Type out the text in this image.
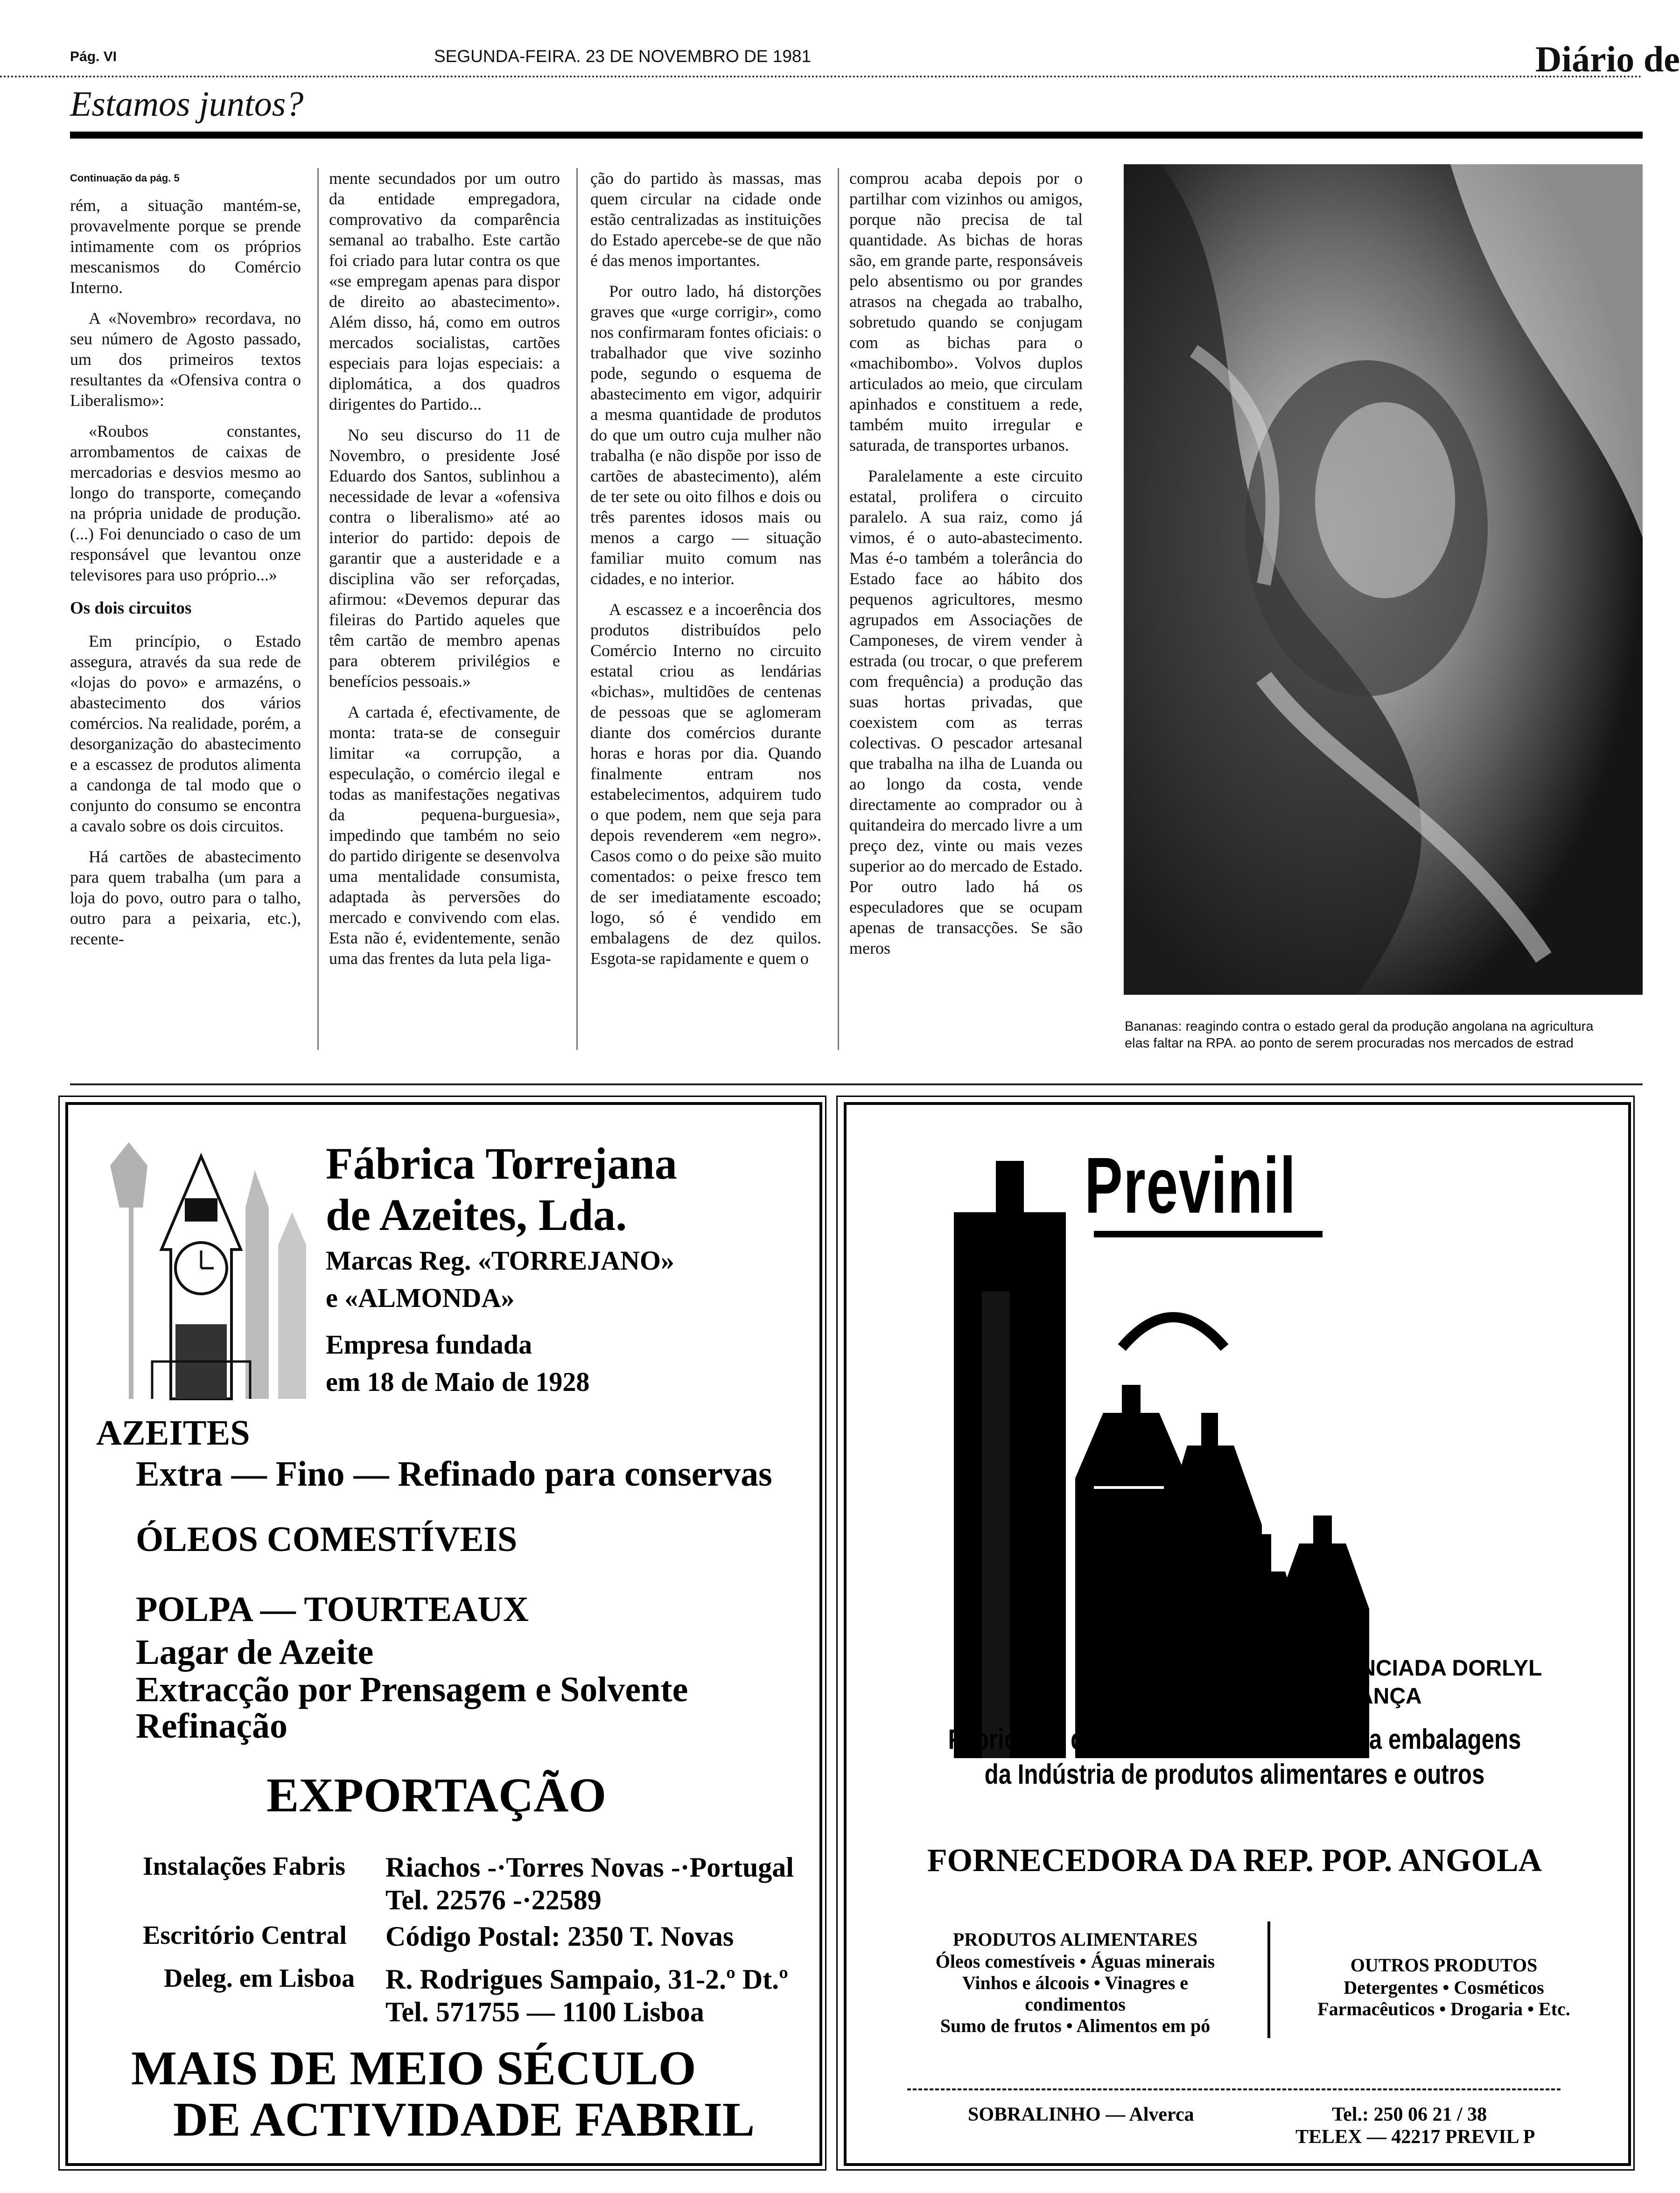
Pág. VI	SEGUNDA-FEIRA. 23 DE NOVEMBRO DE 1981	Diário de
Estamos juntos?
Continuação da pág. 5

rém, a situação mantém-se, provavelmente porque se prende intimamente com os próprios mescanismos do Comércio Interno.

A «Novembro» recordava, no seu número de Agosto passado, um dos primeiros textos resultantes da «Ofensiva contra o Liberalismo»:

«Roubos constantes, arrombamentos de caixas de mercadorias e desvios mesmo ao longo do transporte, começando na própria unidade de produção. (...) Foi denunciado o caso de um responsável que levantou onze televisores para uso próprio...»

Os dois circuitos

Em princípio, o Estado assegura, através da sua rede de «lojas do povo» e armazéns, o abastecimento dos vários comércios. Na realidade, porém, a desorganização do abastecimento e a escassez de produtos alimenta a candonga de tal modo que o conjunto do consumo se encontra a cavalo sobre os dois circuitos.

Há cartões de abastecimento para quem trabalha (um para a loja do povo, outro para o talho, outro para a peixaria, etc.), recente-

mente secundados por um outro da entidade empregadora, comprovativo da comparência semanal ao trabalho. Este cartão foi criado para lutar contra os que «se empregam apenas para dispor de direito ao abastecimento». Além disso, há, como em outros mercados socialistas, cartões especiais para lojas especiais: a diplomática, a dos quadros dirigentes do Partido...

No seu discurso do 11 de Novembro, o presidente José Eduardo dos Santos, sublinhou a necessidade de levar a «ofensiva contra o liberalismo» até ao interior do partido: depois de garantir que a austeridade e a disciplina vão ser reforçadas, afirmou: «Devemos depurar das fileiras do Partido aqueles que têm cartão de membro apenas para obterem privilégios e benefícios pessoais.»

A cartada é, efectivamente, de monta: trata-se de conseguir limitar «a corrupção, a especulação, o comércio ilegal e todas as manifestações negativas da pequena-burguesia», impedindo que também no seio do partido dirigente se desenvolva uma mentalidade consumista, adaptada às perversões do mercado e convivendo com elas. Esta não é, evidentemente, senão uma das frentes da luta pela liga-

ção do partido às massas, mas quem circular na cidade onde estão centralizadas as instituições do Estado apercebe-se de que não é das menos importantes.

Por outro lado, há distorções graves que «urge corrigir», como nos confirmaram fontes oficiais: o trabalhador que vive sozinho pode, segundo o esquema de abastecimento em vigor, adquirir a mesma quantidade de produtos do que um outro cuja mulher não trabalha (e não dispõe por isso de cartões de abastecimento), além de ter sete ou oito filhos e dois ou três parentes idosos mais ou menos a cargo — situação familiar muito comum nas cidades, e no interior.

A escassez e a incoerência dos produtos distribuídos pelo Comércio Interno no circuito estatal criou as lendárias «bichas», multidões de centenas de pessoas que se aglomeram diante dos comércios durante horas e horas por dia. Quando finalmente entram nos estabelecimentos, adquirem tudo o que podem, nem que seja para depois revenderem «em negro». Casos como o do peixe são muito comentados: o peixe fresco tem de ser imediatamente escoado; logo, só é vendido em embalagens de dez quilos. Esgota-se rapidamente e quem o

comprou acaba depois por o partilhar com vizinhos ou amigos, porque não precisa de tal quantidade. As bichas de horas são, em grande parte, responsáveis pelo absentismo ou por grandes atrasos na chegada ao trabalho, sobretudo quando se conjugam com as bichas para o «machibombo». Volvos duplos articulados ao meio, que circulam apinhados e constituem a rede, também muito irregular e saturada, de transportes urbanos.

Paralelamente a este circuito estatal, prolifera o circuito paralelo. A sua raiz, como já vimos, é o auto-abastecimento. Mas é-o também a tolerância do Estado face ao hábito dos pequenos agricultores, mesmo agrupados em Associações de Camponeses, de virem vender à estrada (ou trocar, o que preferem com frequência) a produção das suas hortas privadas, que coexistem com as terras colectivas. O pescador artesanal que trabalha na ilha de Luanda ou ao longo da costa, vende directamente ao comprador ou à quitandeira do mercado livre a um preço dez, vinte ou mais vezes superior ao do mercado de Estado. Por outro lado há os especuladores que se ocupam apenas de transacções. Se são meros

Bananas: reagindo contra o estado geral da produção angolana na agricultura
elas faltar na RPA. ao ponto de serem procuradas nos mercados de estrad
Fábrica Torrejana
de Azeites, Lda.
Marcas Reg. «TORREJANO»
e «ALMONDA»
Empresa fundada
em 18 de Maio de 1928
AZEITES
Extra — Fino — Refinado para conservas
ÓLEOS COMESTÍVEIS
POLPA — TOURTEAUX
Lagar de Azeite
Extracção por Prensagem e Solvente
Refinação
EXPORTAÇÃO
Instalações Fabris Riachos -·Torres Novas -·Portugal
Tel. 22576 -·22589
Escritório Central Código Postal: 2350 T. Novas
Deleg. em Lisboa R. Rodrigues Sampaio, 31-2.º Dt.º
Tel. 571755 — 1100 Lisboa
MAIS DE MEIO SÉCULO
DE ACTIVIDADE FABRIL
Previnil
LICENCIADA DORLYL
– FRANÇA
Fabricante de compostos de P.V.C. para embalagens
da Indústria de produtos alimentares e outros
FORNECEDORA DA REP. POP. ANGOLA
PRODUTOS ALIMENTARES
Óleos comestíveis • Águas minerais
Vinhos e álcoois • Vinagres e
condimentos
Sumo de frutos • Alimentos em pó
OUTROS PRODUTOS
Detergentes • Cosméticos
Farmacêuticos • Drogaria • Etc.
SOBRALINHO — Alverca	Tel.: 250 06 21 / 38
TELEX — 42217 PREVIL P
